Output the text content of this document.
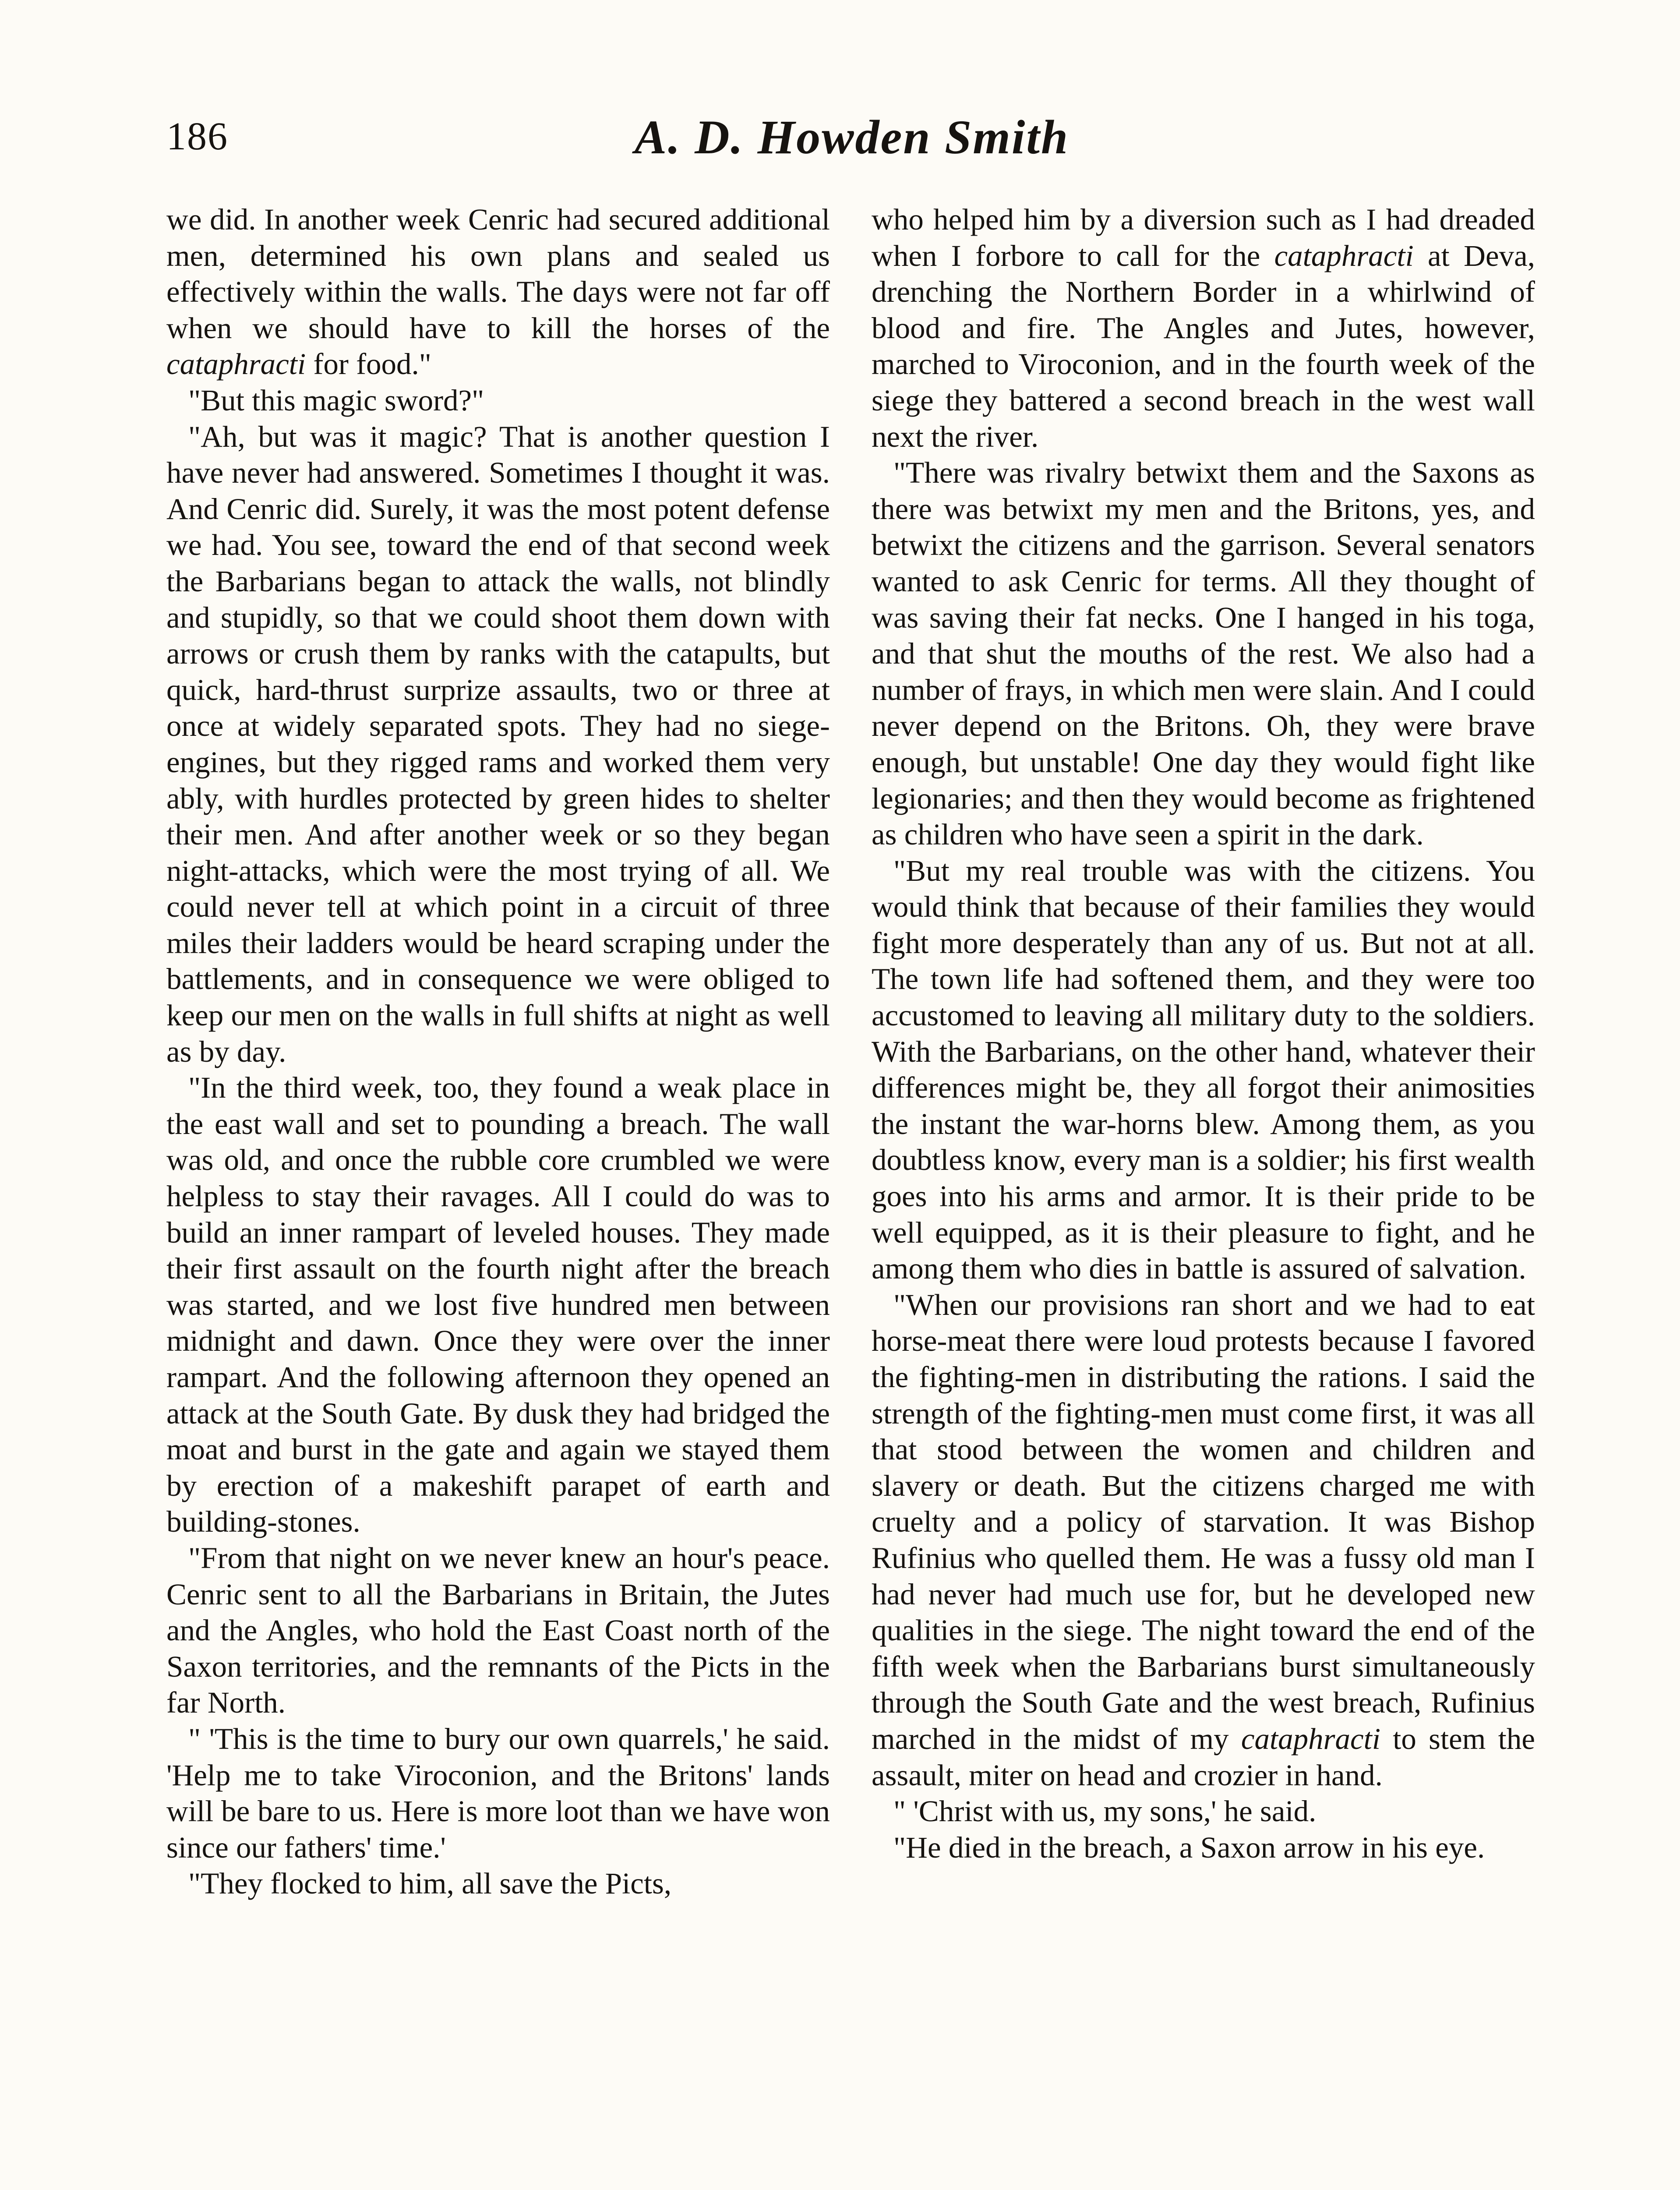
186	A. D. Howden Smith

we did. In another week Cenric had secured additional men, determined his own plans and sealed us effectively within the walls. The days were not far off when we should have to kill the horses of the cataphracti for food."

"But this magic sword?"

"Ah, but was it magic? That is another question I have never had answered. Sometimes I thought it was. And Cenric did. Surely, it was the most potent defense we had. You see, toward the end of that second week the Barbarians began to attack the walls, not blindly and stupidly, so that we could shoot them down with arrows or crush them by ranks with the catapults, but quick, hard-thrust surprize assaults, two or three at once at widely separated spots. They had no siege-engines, but they rigged rams and worked them very ably, with hurdles protected by green hides to shelter their men. And after another week or so they began night-attacks, which were the most trying of all. We could never tell at which point in a circuit of three miles their ladders would be heard scraping under the battlements, and in consequence we were obliged to keep our men on the walls in full shifts at night as well as by day.

"In the third week, too, they found a weak place in the east wall and set to pounding a breach. The wall was old, and once the rubble core crumbled we were helpless to stay their ravages. All I could do was to build an inner rampart of leveled houses. They made their first assault on the fourth night after the breach was started, and we lost five hundred men between midnight and dawn. Once they were over the inner rampart. And the following afternoon they opened an attack at the South Gate. By dusk they had bridged the moat and burst in the gate and again we stayed them by erection of a makeshift parapet of earth and building-stones.

"From that night on we never knew an hour's peace. Cenric sent to all the Barbarians in Britain, the Jutes and the Angles, who hold the East Coast north of the Saxon territories, and the remnants of the Picts in the far North.

" 'This is the time to bury our own quarrels,' he said. 'Help me to take Viroconion, and the Britons' lands will be bare to us. Here is more loot than we have won since our fathers' time.'

"They flocked to him, all save the Picts,

who helped him by a diversion such as I had dreaded when I forbore to call for the cataphracti at Deva, drenching the Northern Border in a whirlwind of blood and fire. The Angles and Jutes, however, marched to Viroconion, and in the fourth week of the siege they battered a second breach in the west wall next the river.

"There was rivalry betwixt them and the Saxons as there was betwixt my men and the Britons, yes, and betwixt the citizens and the garrison. Several senators wanted to ask Cenric for terms. All they thought of was saving their fat necks. One I hanged in his toga, and that shut the mouths of the rest. We also had a number of frays, in which men were slain. And I could never depend on the Britons. Oh, they were brave enough, but unstable! One day they would fight like legionaries; and then they would become as frightened as children who have seen a spirit in the dark.

"But my real trouble was with the citizens. You would think that because of their families they would fight more desperately than any of us. But not at all. The town life had softened them, and they were too accustomed to leaving all military duty to the soldiers. With the Barbarians, on the other hand, whatever their differences might be, they all forgot their animosities the instant the war-horns blew. Among them, as you doubtless know, every man is a soldier; his first wealth goes into his arms and armor. It is their pride to be well equipped, as it is their pleasure to fight, and he among them who dies in battle is assured of salvation.

"When our provisions ran short and we had to eat horse-meat there were loud protests because I favored the fighting-men in distributing the rations. I said the strength of the fighting-men must come first, it was all that stood between the women and children and slavery or death. But the citizens charged me with cruelty and a policy of starvation. It was Bishop Rufinius who quelled them. He was a fussy old man I had never had much use for, but he developed new qualities in the siege. The night toward the end of the fifth week when the Barbarians burst simultaneously through the South Gate and the west breach, Rufinius marched in the midst of my cataphracti to stem the assault, miter on head and crozier in hand.

" 'Christ with us, my sons,' he said.

"He died in the breach, a Saxon arrow in his eye.
